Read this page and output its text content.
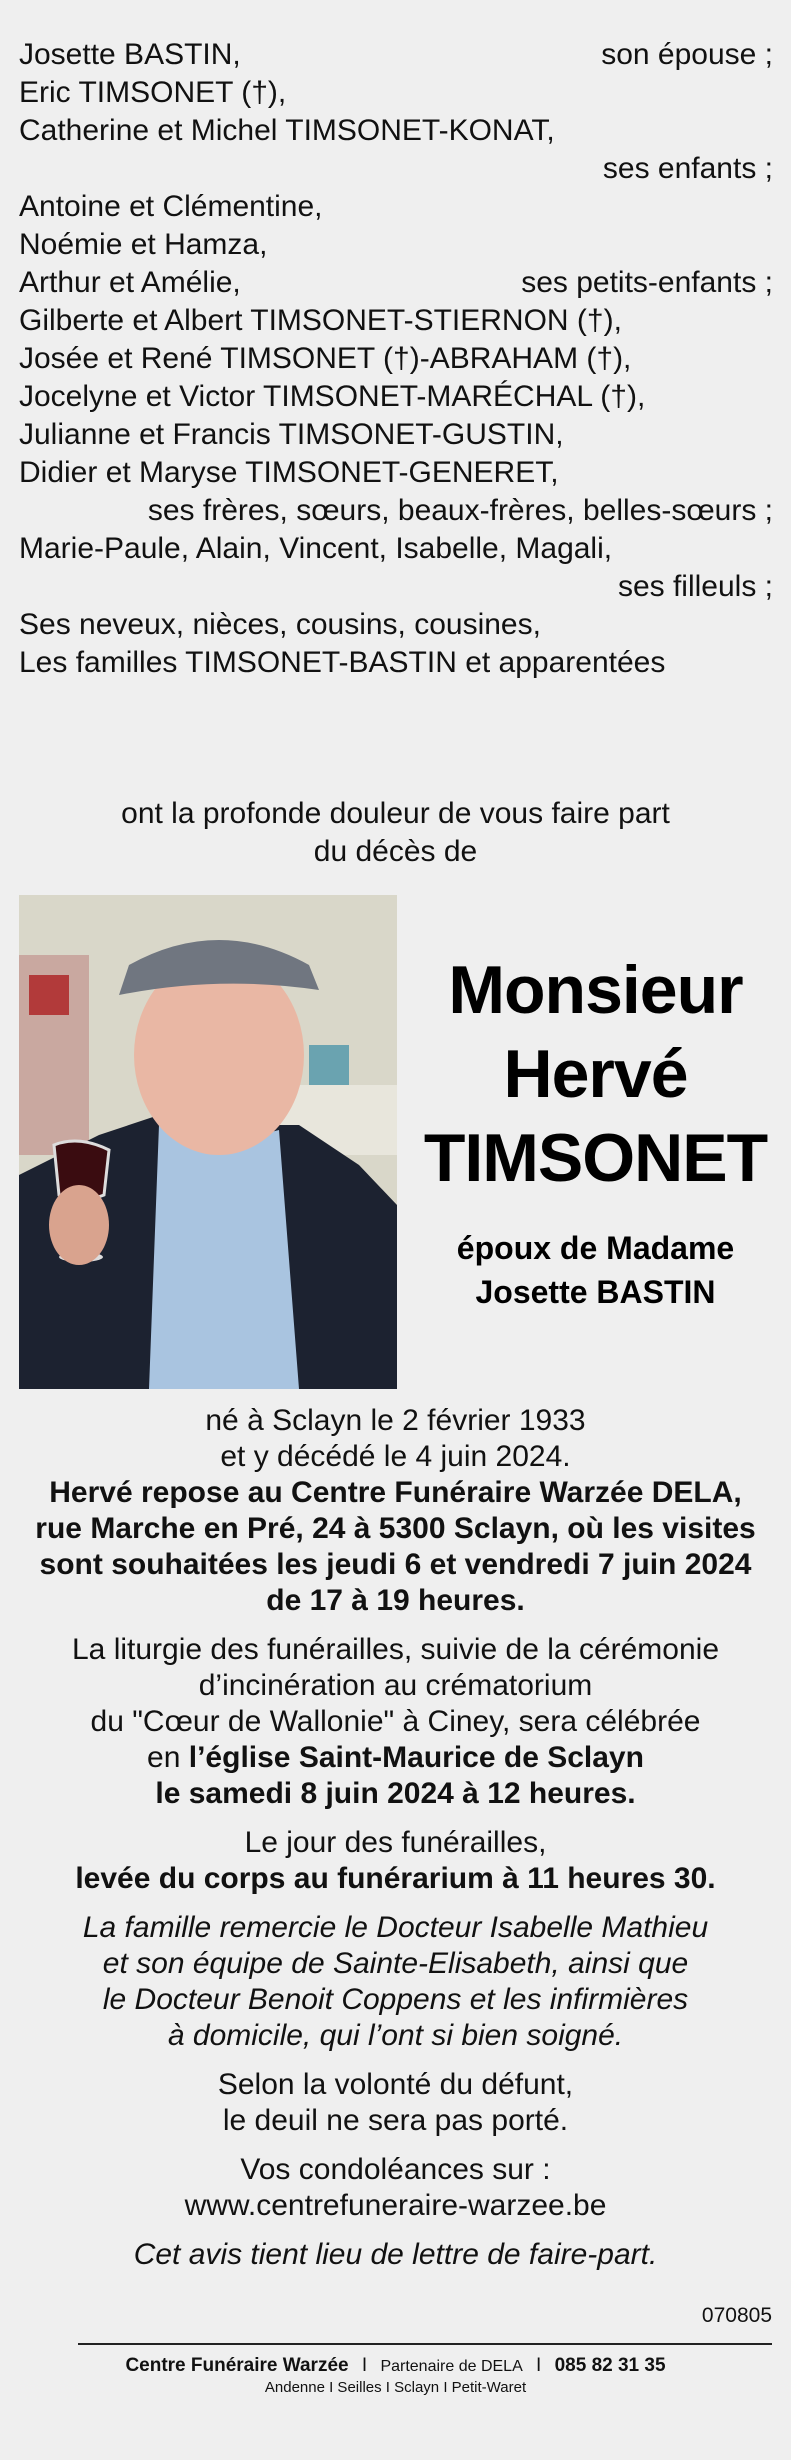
Josette BASTIN,	son épouse ;
Eric TIMSONET (†),
Catherine et Michel TIMSONET-KONAT,
ses enfants ;
Antoine et Clémentine,
Noémie et Hamza,
Arthur et Amélie,	ses petits-enfants ;
Gilberte et Albert TIMSONET-STIERNON (†),
Josée et René TIMSONET (†)-ABRAHAM (†),
Jocelyne et Victor TIMSONET-MARÉCHAL (†),
Julianne et Francis TIMSONET-GUSTIN,
Didier et Maryse TIMSONET-GENERET,
ses frères, sœurs, beaux-frères, belles-sœurs ;
Marie-Paule, Alain, Vincent, Isabelle, Magali,
ses filleuls ;
Ses neveux, nièces, cousins, cousines,
Les familles TIMSONET-BASTIN et apparentées
ont la profonde douleur de vous faire part
du décès de
Monsieur
Hervé
TIMSONET
époux de Madame
Josette BASTIN

né à Sclayn le 2 février 1933

et y décédé le 4 juin 2024.

Hervé repose au Centre Funéraire Warzée DELA,

rue Marche en Pré, 24 à 5300 Sclayn, où les visites

sont souhaitées les jeudi 6 et vendredi 7 juin 2024

de 17 à 19 heures.

La liturgie des funérailles, suivie de la cérémonie

d’incinération au crématorium

du "Cœur de Wallonie" à Ciney, sera célébrée

en l’église Saint-Maurice de Sclayn

le samedi 8 juin 2024 à 12 heures.

Le jour des funérailles,

levée du corps au funérarium à 11 heures 30.

La famille remercie le Docteur Isabelle Mathieu

et son équipe de Sainte-Elisabeth, ainsi que

le Docteur Benoit Coppens et les infirmières

à domicile, qui l’ont si bien soigné.

Selon la volonté du défunt,

le deuil ne sera pas porté.

Vos condoléances sur :

www.centrefuneraire-warzee.be

Cet avis tient lieu de lettre de faire-part.

070805
Centre Funéraire Warzée I Partenaire de DELA I 085 82 31 35
Andenne I Seilles I Sclayn I Petit-Waret
